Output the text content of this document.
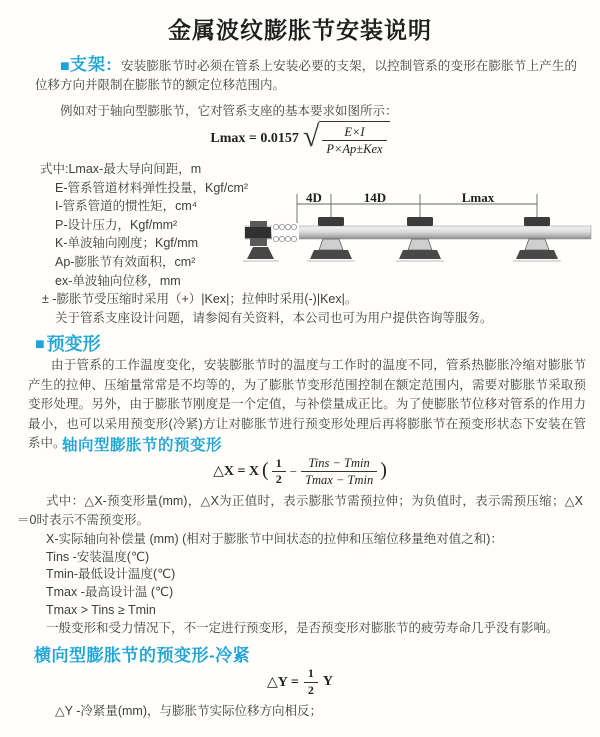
金属波纹膨胀节安装说明
■支架: 安装膨胀节时必须在管系上安装必要的支架，以控制管系的变形在膨胀节上产生的位移方向并限制在膨胀节的额定位移范围内。
例如对于轴向型膨胀节，它对管系支座的基本要求如图所示：
Lmax = 0.0157 √ $\frac{E\times I}{\text{P×Ap±Kex}}$
式中:Lmax-最大导向间距，m
E-管系管道材料弹性投量，Kgf/cm²
I-管系管道的惯性矩，cm⁴
P-设计压力，Kgf/mm²
K-单波轴向刚度；Kgf/mm
Ap-膨胀节有效面积，cm²
ex-单波轴向位移，mm
± -膨胀节受压缩时采用（+）|Kex|；拉伸时采用(-)|Kex|。
4D	14D	Lmax
关于管系支座设计问题，请参阅有关资料，本公司也可为用户提供咨询等服务。
■ 预变形
由于管系的工作温度变化，安装膨胀节时的温度与工作时的温度不同，管系热膨胀冷缩对膨胀节产生的拉伸、压缩量常常是不均等的，为了膨胀节变形范围控制在额定范围内，需要对膨胀节采取预变形处理。另外，由于膨胀节刚度是一个定值，与补偿量成正比。为了使膨胀节位移对管系的作用力最小，也可以采用预变形(冷紧)方让对膨胀节进行预变形处理后再将膨胀节在预变形状态下安装在管系中。
轴向型膨胀节的预变形
△X = X ( $\frac{1}{2} - \frac{\text{Tins − Tmin}}{Tmax - Tmin}$ )
式中：△X-预变形量(mm)，△X为正值时，表示膨胀节需预拉伸；为负值时，表示需预压缩；△X＝0时表示不需预变形。
X-实际轴向补偿量 (mm) (相对于膨胀节中间状态的拉伸和压缩位移量绝对值之和)：
Tins -安装温度(℃)
Tmin-最低设计温度(℃)
Tmax -最高设计温 (℃)
Tmax > Tins ≥ Tmin
一般变形和受力情况下，不一定进行预变形，是否预变形对膨胀节的疲劳寿命几乎没有影响。
横向型膨胀节的预变形-冷紧
△Y = $\frac{1}{2}$ Y
△Y -冷紧量(mm)，与膨胀节实际位移方向相反；
